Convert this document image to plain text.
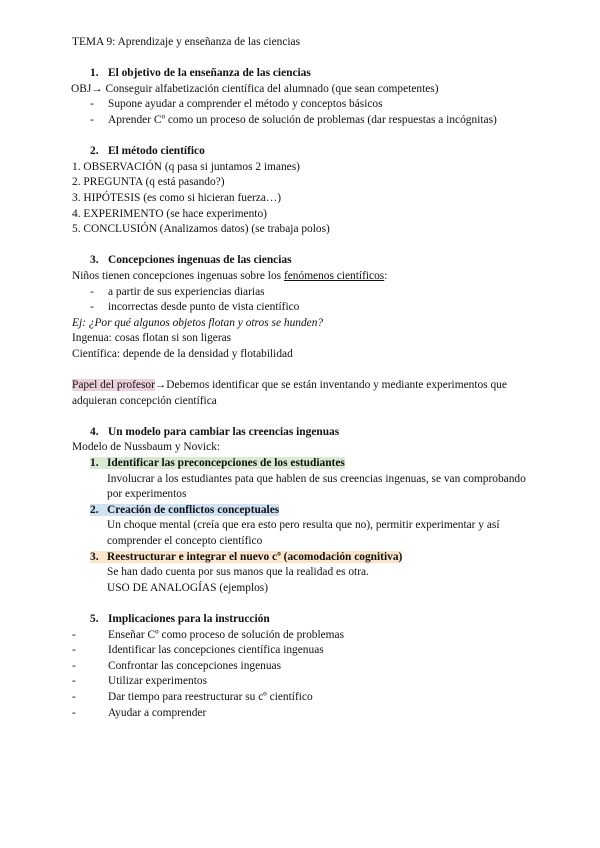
TEMA 9: Aprendizaje y enseñanza de las ciencias
1. El objetivo de la enseñanza de las ciencias
OBJ→ Conseguir alfabetización científica del alumnado (que sean competentes)
- Supone ayudar a comprender el método y conceptos básicos
- Aprender Cº como un proceso de solución de problemas (dar respuestas a incógnitas)
2. El método científico
1. OBSERVACIÓN (q pasa si juntamos 2 imanes)
2. PREGUNTA (q está pasando?)
3. HIPÓTESIS (es como si hicieran fuerza…)
4. EXPERIMENTO (se hace experimento)
5. CONCLUSIÓN (Analizamos datos) (se trabaja polos)
3. Concepciones ingenuas de las ciencias
Niños tienen concepciones ingenuas sobre los fenómenos científicos:
- a partir de sus experiencias diarias
- incorrectas desde punto de vista científico
Ej: ¿Por qué algunos objetos flotan y otros se hunden?
Ingenua: cosas flotan si son ligeras
Científica: depende de la densidad y flotabilidad
Papel del profesor→Debemos identificar que se están inventando y mediante experimentos que adquieran concepción científica
4. Un modelo para cambiar las creencias ingenuas
Modelo de Nussbaum y Novick:
1. Identificar las preconcepciones de los estudiantes
Involucrar a los estudiantes pata que hablen de sus creencias ingenuas, se van comprobando por experimentos
2. Creación de conflictos conceptuales
Un choque mental (creía que era esto pero resulta que no), permitir experimentar y así comprender el concepto científico
3. Reestructurar e integrar el nuevo cº (acomodación cognitiva)
Se han dado cuenta por sus manos que la realidad es otra.
USO DE ANALOGÍAS (ejemplos)
5. Implicaciones para la instrucción
-	Enseñar Cº como proceso de solución de problemas
-	Identificar las concepciones científica ingenuas
-	Confrontar las concepciones ingenuas
-	Utilizar experimentos
-	Dar tiempo para reestructurar su cº científico
-	Ayudar a comprender
